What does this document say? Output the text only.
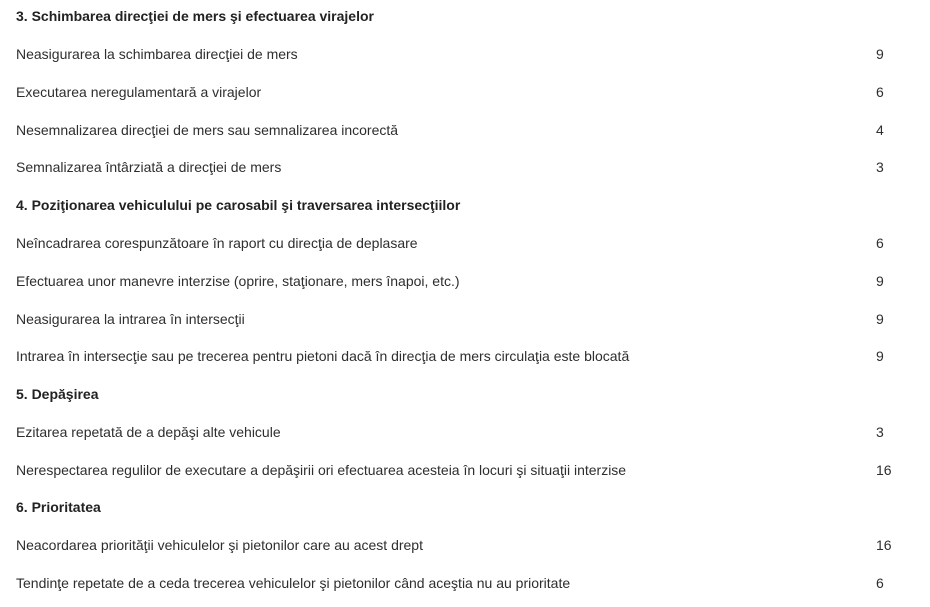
3. Schimbarea direcţiei de mers şi efectuarea virajelor
Neasigurarea la schimbarea direcţiei de mers	9
Executarea neregulamentară a virajelor	6
Nesemnalizarea direcţiei de mers sau semnalizarea incorectă	4
Semnalizarea întârziată a direcţiei de mers	3
4. Poziţionarea vehiculului pe carosabil şi traversarea intersecţiilor
Neîncadrarea corespunzătoare în raport cu direcţia de deplasare	6
Efectuarea unor manevre interzise (oprire, staţionare, mers înapoi, etc.)	9
Neasigurarea la intrarea în intersecţii	9
Intrarea în intersecţie sau pe trecerea pentru pietoni dacă în direcţia de mers circulaţia este blocată	9
5. Depăşirea
Ezitarea repetată de a depăşi alte vehicule	3
Nerespectarea regulilor de executare a depăşirii ori efectuarea acesteia în locuri şi situaţii interzise	16
6. Prioritatea
Neacordarea priorităţii vehiculelor şi pietonilor care au acest drept	16
Tendinţe repetate de a ceda trecerea vehiculelor şi pietonilor când aceştia nu au prioritate	6
